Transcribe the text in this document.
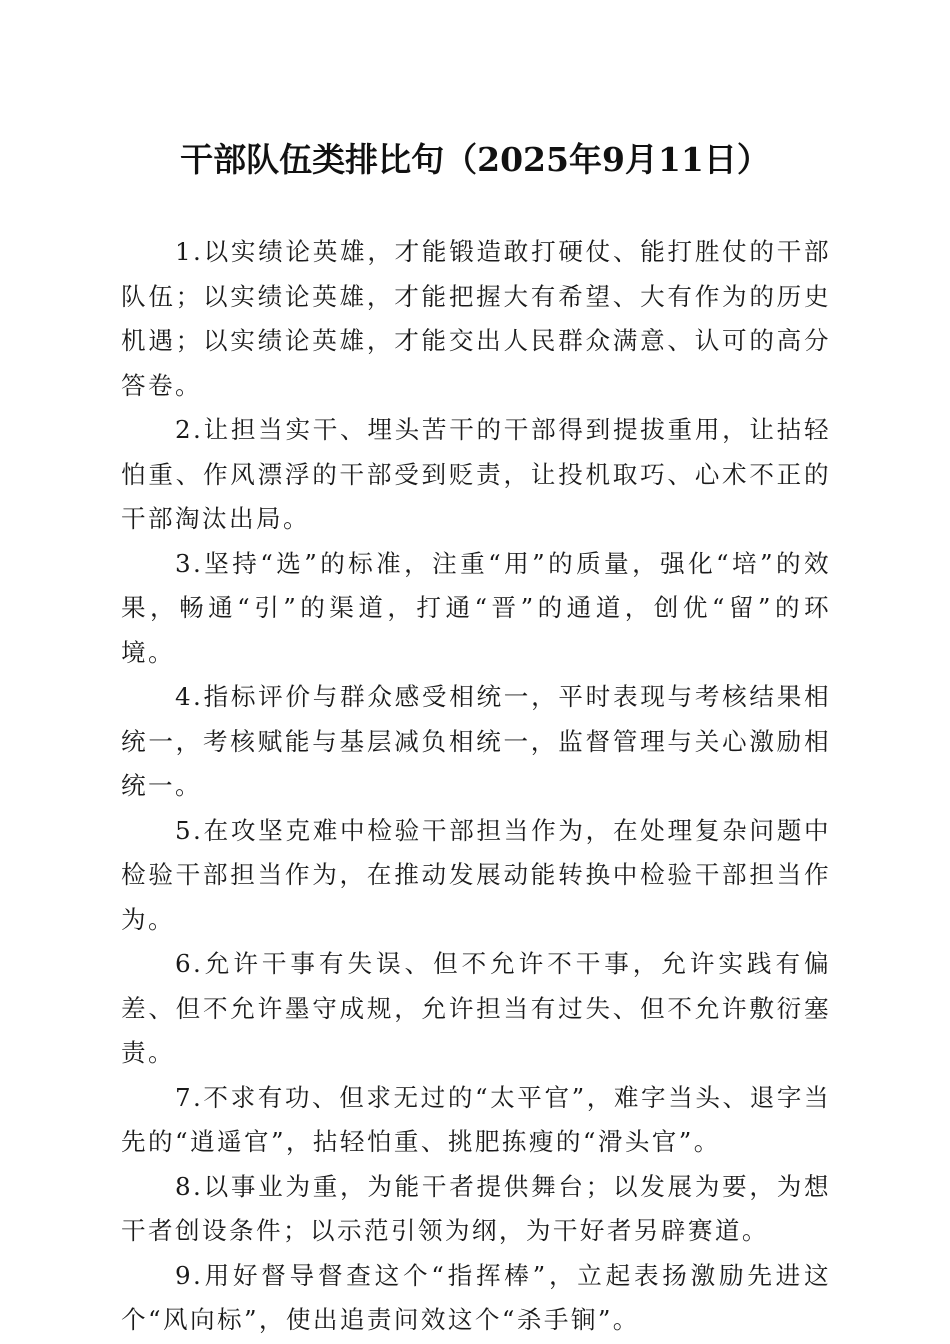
干部队伍类排比句（2025年9月11日）

1.以实绩论英雄，才能锻造敢打硬仗、能打胜仗的干部队伍；以实绩论英雄，才能把握大有希望、大有作为的历史机遇；以实绩论英雄，才能交出人民群众满意、认可的高分答卷。

2.让担当实干、埋头苦干的干部得到提拔重用，让拈轻怕重、作风漂浮的干部受到贬责，让投机取巧、心术不正的干部淘汰出局。

3.坚持“选”的标准，注重“用”的质量，强化“培”的效果，畅通“引”的渠道，打通“晋”的通道，创优“留”的环境。

4.指标评价与群众感受相统一，平时表现与考核结果相统一，考核赋能与基层减负相统一，监督管理与关心激励相统一。

5.在攻坚克难中检验干部担当作为，在处理复杂问题中检验干部担当作为，在推动发展动能转换中检验干部担当作为。

6.允许干事有失误、但不允许不干事，允许实践有偏差、但不允许墨守成规，允许担当有过失、但不允许敷衍塞责。

7.不求有功、但求无过的“太平官”，难字当头、退字当先的“逍遥官”，拈轻怕重、挑肥拣瘦的“滑头官”。

8.以事业为重，为能干者提供舞台；以发展为要，为想干者创设条件；以示范引领为纲，为干好者另辟赛道。

9.用好督导督查这个“指挥棒”，立起表扬激励先进这个“风向标”，使出追责问效这个“杀手锏”。
